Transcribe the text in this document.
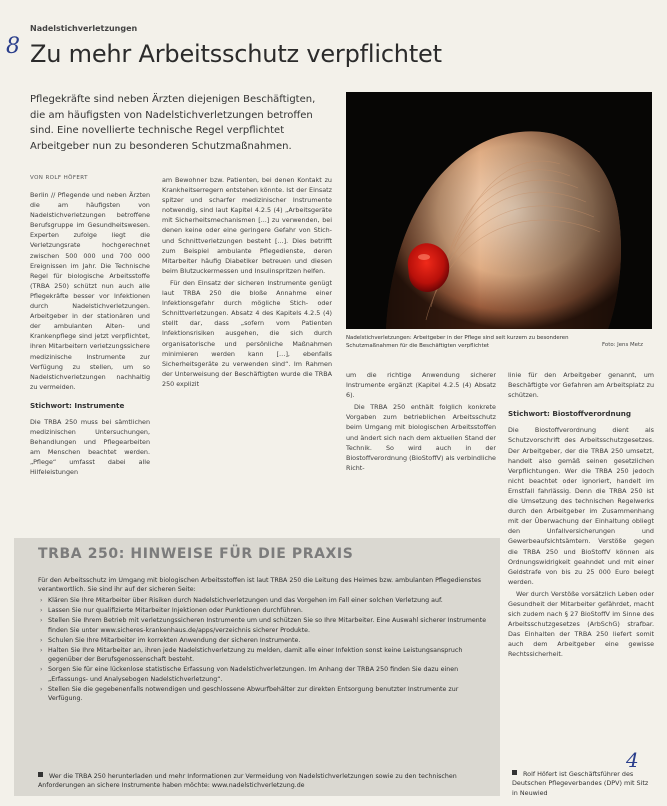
Nadelstichverletzungen
8 Zu mehr Arbeitsschutz verpflichtet

Pflegekräfte sind neben Ärzten diejenigen Beschäftigten, die am häufigsten von Nadelstichverletzungen betroffen sind. Eine novellierte technische Regel verpflichtet Arbeitgeber nun zu besonderen Schutzmaßnahmen.

VON ROLF HÖFERT

Berlin // Pflegende und neben Ärzten die am häufigsten von Nadelstichverletzungen betroffene Berufsgruppe im Gesundheitswesen. Experten zufolge liegt die Verletzungsrate hochgerechnet zwischen 500 000 und 700 000 Ereignissen im Jahr. Die Technische Regel für biologische Arbeitsstoffe (TRBA 250) schützt nun auch alle Pflegekräfte besser vor Infektionen durch Nadelstichverletzungen. Arbeitgeber in der stationären und der ambulanten Alten- und Krankenpflege sind jetzt verpflichtet, ihren Mitarbeitern verletzungssichere medizinische Instrumente zur Verfügung zu stellen, um so Nadelstichverletzungen nachhaltig zu vermeiden.

Stichwort: Instrumente

Die TRBA 250 muss bei sämtlichen medizinischen Untersuchungen, Behandlungen und Pflegearbeiten am Menschen beachtet werden. „Pflege“ umfasst dabei alle Hilfeleistungen

am Bewohner bzw. Patienten, bei denen Kontakt zu Krankheitserregern entstehen könnte. Ist der Einsatz spitzer und scharfer medizinischer Instrumente notwendig, sind laut Kapitel 4.2.5 (4) „Arbeitsgeräte mit Sicherheitsmechanismen [...] zu verwenden, bei denen keine oder eine geringere Gefahr von Stich- und Schnittverletzungen besteht [...]. Dies betrifft zum Beispiel ambulante Pflegedienste, deren Mitarbeiter häufig Diabetiker betreuen und diesen beim Blutzuckermessen und Insulinspritzen helfen.

Für den Einsatz der sicheren Instrumente genügt laut TRBA 250 die bloße Annahme einer Infektionsgefahr durch mögliche Stich- oder Schnittverletzungen. Absatz 4 des Kapitels 4.2.5 (4) stellt dar, dass „sofern vom Patienten Infektionsrisiken ausgehen, die sich durch organisatorische und persönliche Maßnahmen minimieren werden kann […], ebenfalls Sicherheitsgeräte zu verwenden sind“. Im Rahmen der Unterweisung der Beschäftigten wurde die TRBA 250 explizit

Nadelstichverletzungen: Arbeitgeber in der Pflege sind seit kurzem zu besonderen Schutzmaßnahmen für die Beschäftigten verpflichtet	Foto: Jens Metz

um die richtige Anwendung sicherer Instrumente ergänzt (Kapitel 4.2.5 (4) Absatz 6).

Die TRBA 250 enthält folglich konkrete Vorgaben zum betrieblichen Arbeitsschutz beim Umgang mit biologischen Arbeitsstoffen und ändert sich nach dem aktuellen Stand der Technik. So wird auch in der Biostoffverordnung (BioStoffV) als verbindliche Richt-

linie für den Arbeitgeber genannt, um Beschäftigte vor Gefahren am Arbeitsplatz zu schützen.

Stichwort: Biostoffverordnung

Die Biostoffverordnung dient als Schutzvorschrift des Arbeitsschutzgesetzes. Der Arbeitgeber, der die TRBA 250 umsetzt, handelt also gemäß seinen gesetzlichen Verpflichtungen. Wer die TRBA 250 jedoch nicht beachtet oder ignoriert, handelt im Ernstfall fahrlässig. Denn die TRBA 250 ist die Umsetzung des technischen Regelwerks durch den Arbeitgeber im Zusammenhang mit der Überwachung der Einhaltung obliegt den Unfallversicherungen und Gewerbeaufsichtsämtern. Verstöße gegen die TRBA 250 und BioStoffV können als Ordnungswidrigkeit geahndet und mit einer Geldstrafe von bis zu 25 000 Euro belegt werden.

Wer durch Verstöße vorsätzlich Leben oder Gesundheit der Mitarbeiter gefährdet, macht sich zudem nach § 27 BioStoffV im Sinne des Arbeitsschutzgesetzes (ArbSchG) strafbar. Das Einhalten der TRBA 250 liefert somit auch dem Arbeitgeber eine gewisse Rechtssicherheit.

TRBA 250: HINWEISE FÜR DIE PRAXIS
Für den Arbeitsschutz im Umgang mit biologischen Arbeitsstoffen ist laut TRBA 250 die Leitung des Heimes bzw. ambulanten Pflegedienstes verantwortlich. Sie sind ihr auf der sicheren Seite:
› Klären Sie Ihre Mitarbeiter über Risiken durch Nadelstichverletzungen und das Vorgehen im Fall einer solchen Verletzung auf.
› Lassen Sie nur qualifizierte Mitarbeiter Injektionen oder Punktionen durchführen.
› Stellen Sie Ihrem Betrieb mit verletzungssicheren Instrumente um und schützen Sie so Ihre Mitarbeiter. Eine Auswahl sicherer Instrumente finden Sie unter www.sicheres-krankenhaus.de/apps/verzeichnis sicherer Produkte.
› Schulen Sie Ihre Mitarbeiter im korrekten Anwendung der sicheren Instrumente.
› Halten Sie Ihre Mitarbeiter an, ihren jede Nadelstichverletzung zu melden, damit alle einer Infektion sonst keine Leistungsanspruch gegenüber der Berufsgenossenschaft besteht.
› Sorgen Sie für eine lückenlose statistische Erfassung von Nadelstichverletzungen. Im Anhang der TRBA 250 finden Sie dazu einen „Erfassungs- und Analysebogen Nadelstichverletzung“.
› Stellen Sie die gegebenenfalls notwendigen und geschlossene Abwurfbehälter zur direkten Entsorgung benutzter Instrumente zur Verfügung.
Wer die TRBA 250 herunterladen und mehr Informationen zur Vermeidung von Nadelstichverletzungen sowie zu den technischen Anforderungen an sichere Instrumente haben möchte: www.nadelstichverletzung.de
4
Rolf Höfert ist Geschäftsführer des Deutschen Pflegeverbandes (DPV) mit Sitz in Neuwied
